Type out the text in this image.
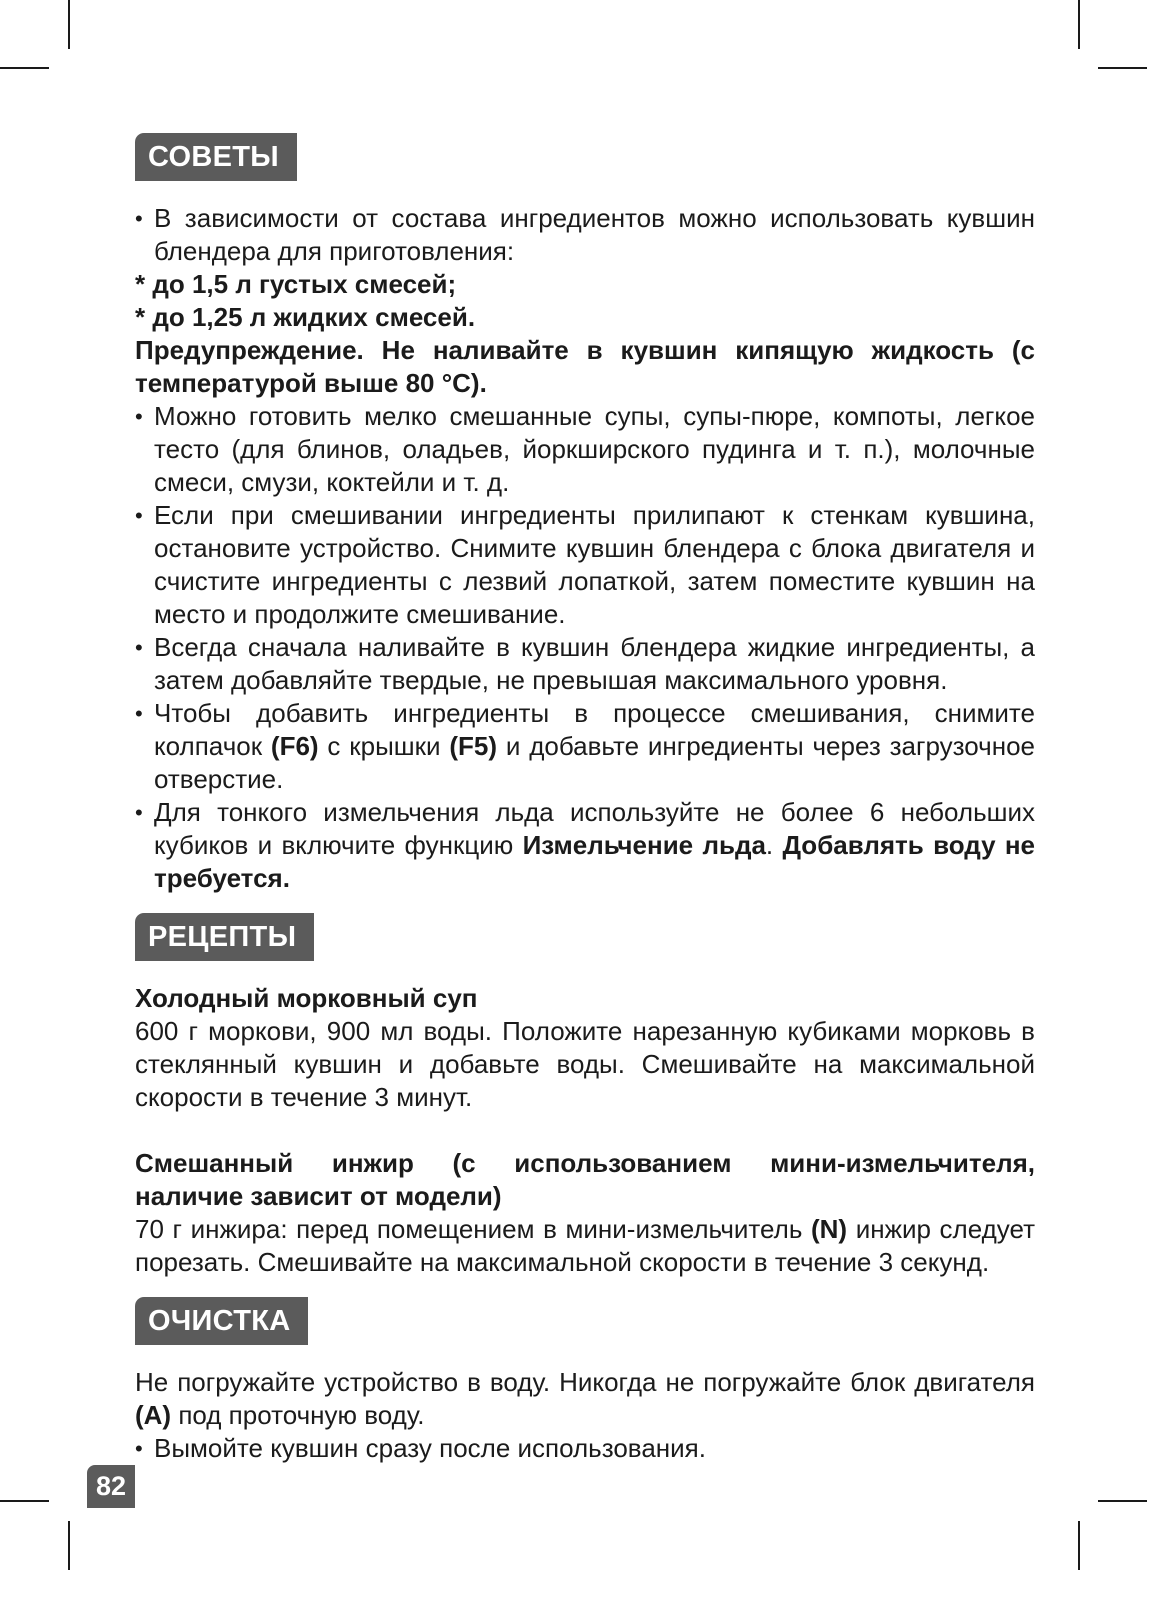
СОВЕТЫ
• В зависимости от состава ингредиентов можно использовать кувшин блендера для приготовления:
* до 1,5 л густых смесей;
* до 1,25 л жидких смесей.
Предупреждение. Не наливайте в кувшин кипящую жидкость (с температурой выше 80 °C).
• Можно готовить мелко смешанные супы, супы-пюре, компоты, легкое тесто (для блинов, оладьев, йоркширского пудинга и т. п.), молочные смеси, смузи, коктейли и т. д.
• Если при смешивании ингредиенты прилипают к стенкам кувшина, остановите устройство. Снимите кувшин блендера с блока двигателя и счистите ингредиенты с лезвий лопаткой, затем поместите кувшин на место и продолжите смешивание.
• Всегда сначала наливайте в кувшин блендера жидкие ингредиенты, а затем добавляйте твердые, не превышая максимального уровня.
• Чтобы добавить ингредиенты в процессе смешивания, снимите колпачок (F6) с крышки (F5) и добавьте ингредиенты через загрузочное отверстие.
• Для тонкого измельчения льда используйте не более 6 небольших кубиков и включите функцию Измельчение льда. Добавлять воду не требуется.
РЕЦЕПТЫ
Холодный морковный суп
600 г моркови, 900 мл воды. Положите нарезанную кубиками морковь в стеклянный кувшин и добавьте воды. Смешивайте на максимальной скорости в течение 3 минут.
Смешанный инжир (с использованием мини-измельчителя,
наличие зависит от модели)
70 г инжира: перед помещением в мини-измельчитель (N) инжир следует порезать. Смешивайте на максимальной скорости в течение 3 секунд.
ОЧИСТКА
Не погружайте устройство в воду. Никогда не погружайте блок двигателя (A) под проточную воду.
• Вымойте кувшин сразу после использования.
82
